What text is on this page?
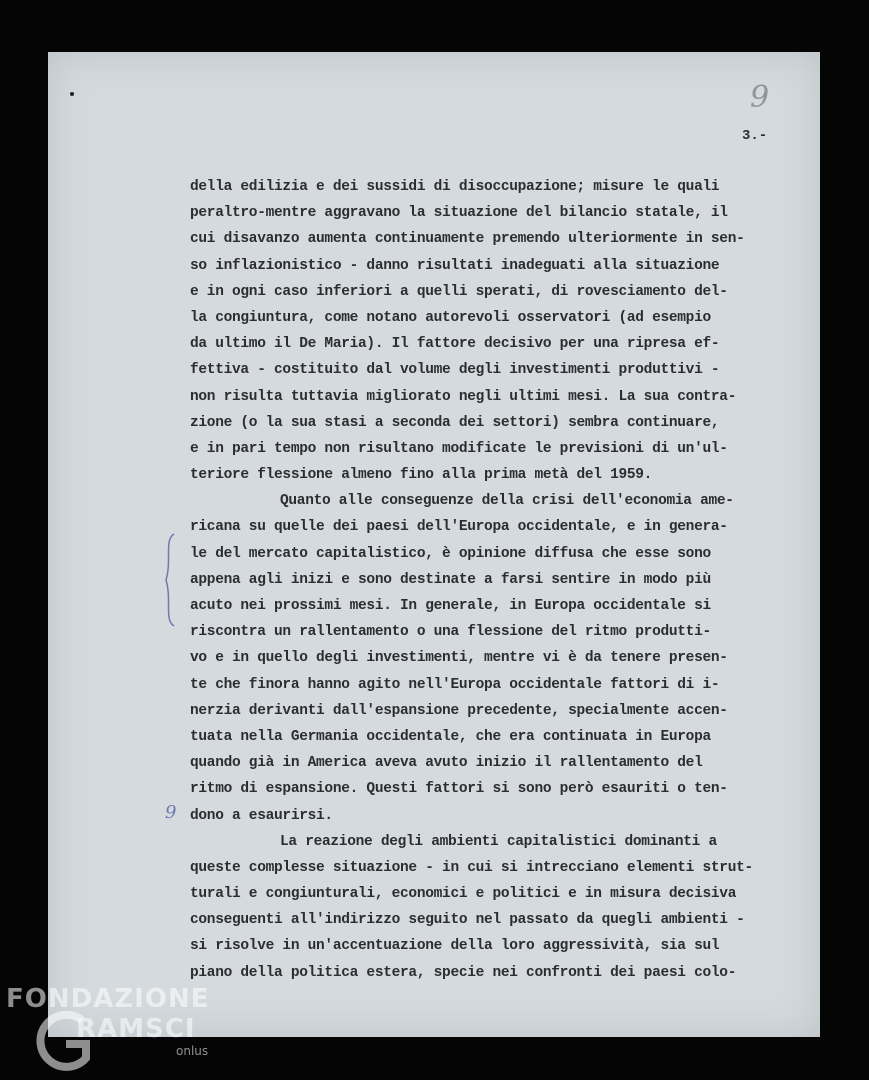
9
3.-
della edilizia e dei sussidi di disoccupazione; misure le quali
peraltro-mentre aggravano la situazione del bilancio statale, il
cui disavanzo aumenta continuamente premendo ulteriormente in sen-
so inflazionistico - danno risultati inadeguati alla situazione
e in ogni caso inferiori a quelli sperati, di rovesciamento del-
la congiuntura, come notano autorevoli osservatori (ad esempio
da ultimo il De Maria). Il fattore decisivo per una ripresa ef-
fettiva - costituito dal volume degli investimenti produttivi -
non risulta tuttavia migliorato negli ultimi mesi. La sua contra-
zione (o la sua stasi a seconda dei settori) sembra continuare,
e in pari tempo non risultano modificate le previsioni di un'ul-
teriore flessione almeno fino alla prima metà del 1959.
Quanto alle conseguenze della crisi dell'economia ame-
ricana su quelle dei paesi dell'Europa occidentale, e in genera-
le del mercato capitalistico, è opinione diffusa che esse sono
appena agli inizi e sono destinate a farsi sentire in modo più
acuto nei prossimi mesi. In generale, in Europa occidentale si
riscontra un rallentamento o una flessione del ritmo produtti-
vo e in quello degli investimenti, mentre vi è da tenere presen-
te che finora hanno agito nell'Europa occidentale fattori di i-
nerzia derivanti dall'espansione precedente, specialmente accen-
tuata nella Germania occidentale, che era continuata in Europa
quando già in America aveva avuto inizio il rallentamento del
ritmo di espansione. Questi fattori si sono però esauriti o ten-
dono a esaurirsi.
La reazione degli ambienti capitalistici dominanti a
queste complesse situazione - in cui si intrecciano elementi strut-
turali e congiunturali, economici e politici e in misura decisiva
conseguenti all'indirizzo seguito nel passato da quegli ambienti -
si risolve in un'accentuazione della loro aggressività, sia sul
piano della politica estera, specie nei confronti dei paesi colo-
9
FONDAZIONE
RAMSCI
onlus
